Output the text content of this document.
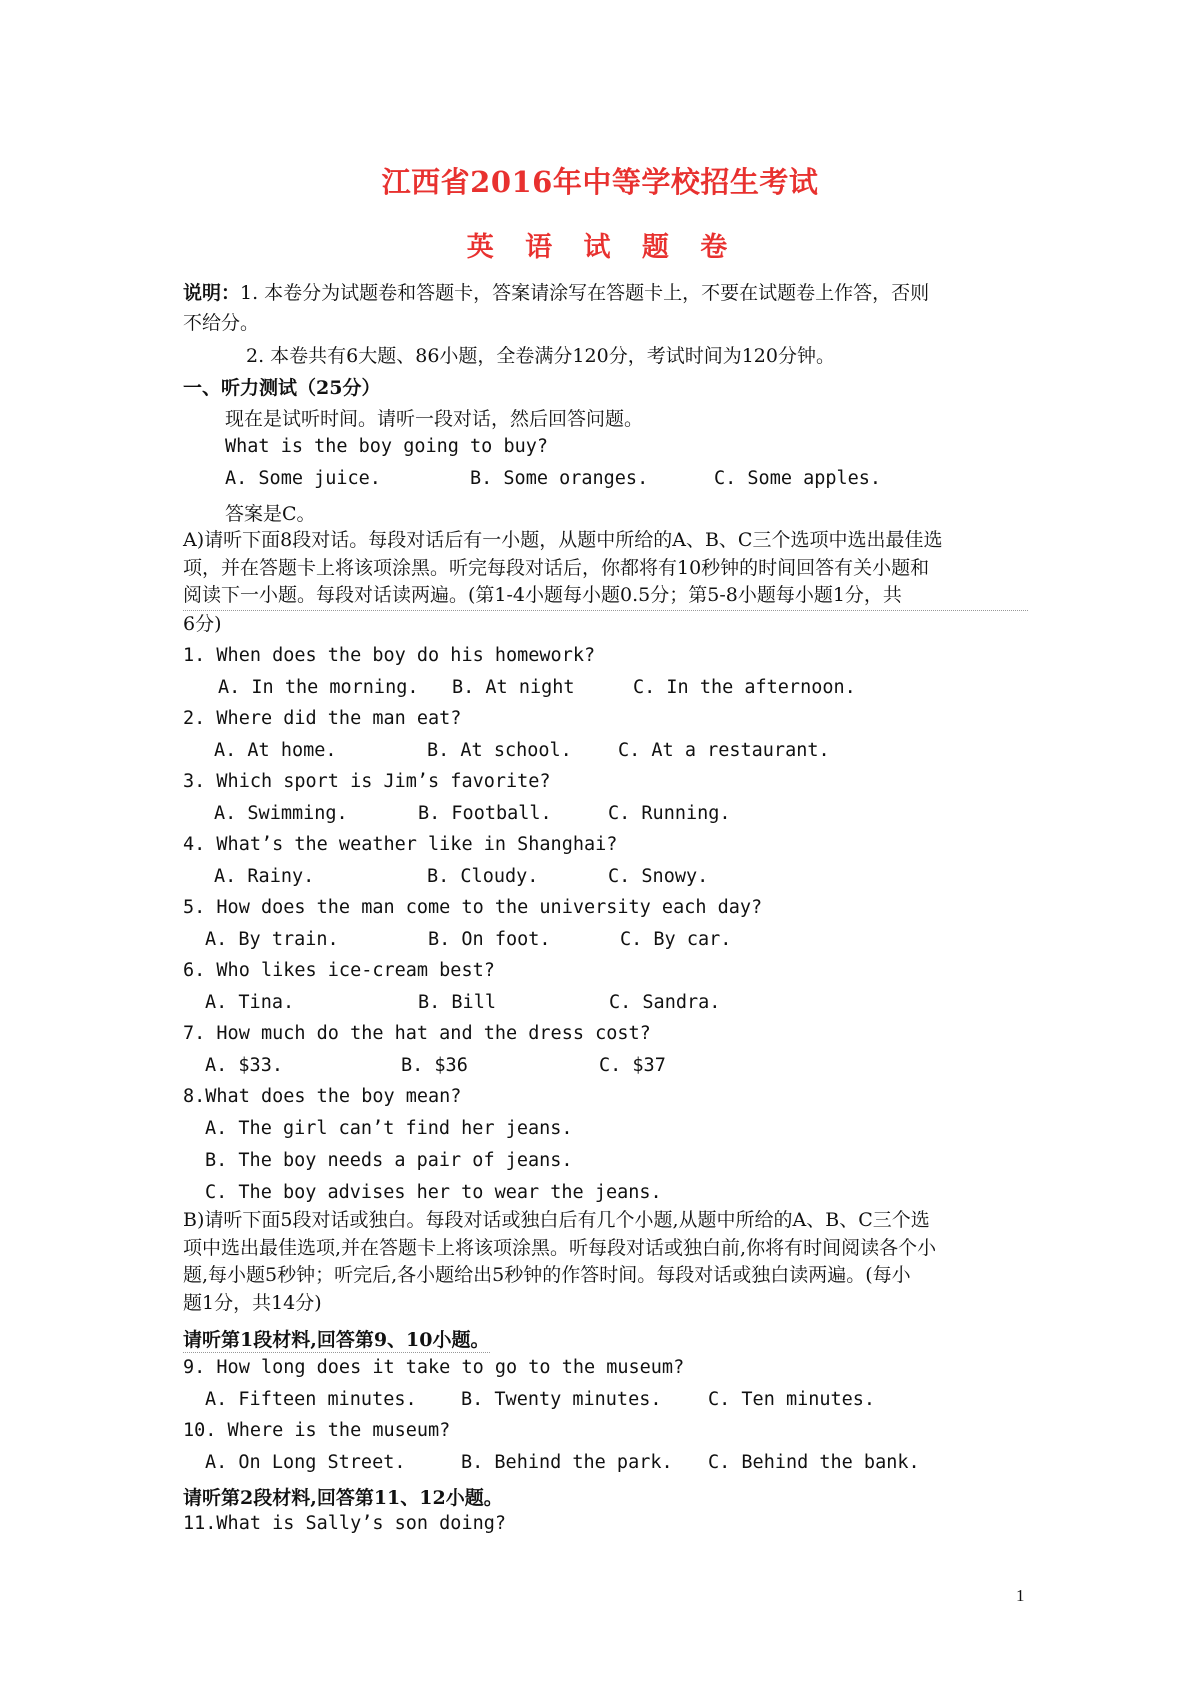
江西省2016年中等学校招生考试
英 语 试 题 卷
说明：1. 本卷分为试题卷和答题卡，答案请涂写在答题卡上，不要在试题卷上作答，否则
不给分。
2. 本卷共有6大题、86小题，全卷满分120分，考试时间为120分钟。
一、听力测试（25分）
现在是试听时间。请听一段对话，然后回答问题。
What is the boy going to buy?
A. Some juice.	B. Some oranges.	C. Some apples.
答案是C。
A)请听下面8段对话。每段对话后有一小题，从题中所给的A、B、C三个选项中选出最佳选
项，并在答题卡上将该项涂黑。听完每段对话后，你都将有10秒钟的时间回答有关小题和
阅读下一小题。每段对话读两遍。(第1-4小题每小题0.5分；第5-8小题每小题1分，共
6分)
1. When does the boy do his homework?
A. In the morning. B. At night	C. In the afternoon.
2. Where did the man eat?
A. At home.	B. At school. C. At a restaurant.
3. Which sport is Jim’s favorite?
A. Swimming.	B. Football.	C. Running.
4. What’s the weather like in Shanghai?
A. Rainy.	B. Cloudy.	C. Snowy.
5. How does the man come to the university each day?
A. By train.	B. On foot.	C. By car.
6. Who likes ice-cream best?
A. Tina.	B. Bill	C. Sandra.
7. How much do the hat and the dress cost?
A. $33.	B. $36	C. $37
8.What does the boy mean?
A. The girl can’t find her jeans.
B. The boy needs a pair of jeans.
C. The boy advises her to wear the jeans.
B)请听下面5段对话或独白。每段对话或独白后有几个小题,从题中所给的A、B、C三个选
项中选出最佳选项,并在答题卡上将该项涂黑。听每段对话或独白前,你将有时间阅读各个小
题,每小题5秒钟；听完后,各小题给出5秒钟的作答时间。每段对话或独白读两遍。(每小
题1分，共14分)
请听第1段材料,回答第9、10小题。
9. How long does it take to go to the museum?
A. Fifteen minutes. B. Twenty minutes.	C. Ten minutes.
10. Where is the museum?
A. On Long Street.	B. Behind the park. C. Behind the bank.
请听第2段材料,回答第11、12小题。
11.What is Sally’s son doing?
1
